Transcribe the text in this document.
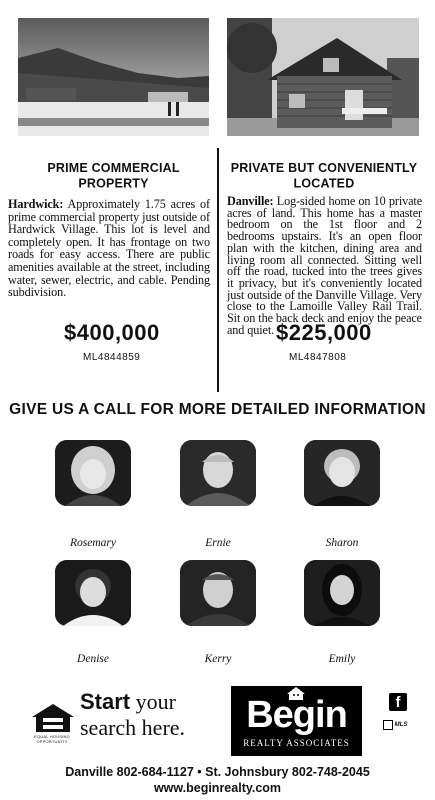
PRIME COMMERCIAL
PROPERTY
Hardwick: Approximately 1.75 acres of prime commercial property just outside of Hardwick Village. This lot is level and completely open. It has frontage on two roads for easy access. There are public amenities available at the street, including water, sewer, electric, and cable. Pending subdivision.
$400,000
ML4844859
PRIVATE BUT CONVENIENTLY
LOCATED
Danville: Log-sided home on 10 private acres of land. This home has a master bedroom on the 1st floor and 2 bedrooms upstairs. It's an open floor plan with the kitchen, dining area and living room all connected. Sitting well off the road, tucked into the trees gives it privacy, but it's conveniently located just outside of the Danville Village. Very close to the Lamoille Valley Rail Trail. Sit on the back deck and enjoy the peace and quiet. $225,000
ML4847808
GIVE US A CALL FOR MORE DETAILED INFORMATION
Rosemary	Ernie	Sharon
Denise	Kerry	Emily
EQUAL HOUSING
OPPORTUNITY
Start your
search here.	Begin
REALTY ASSOCIATES
f
MLS
Danville 802-684-1127 • St. Johnsbury 802-748-2045
www.beginrealty.com
